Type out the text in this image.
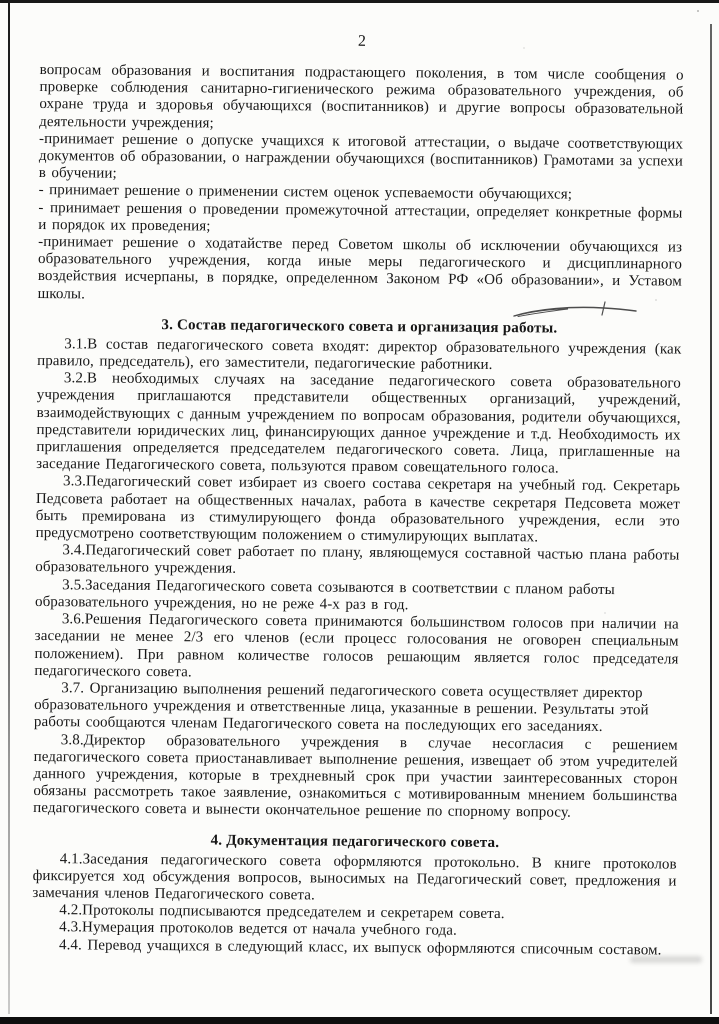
2

вопросам образования и воспитания подрастающего поколения, в том числе сообщения о проверке соблюдения санитарно-гигиенического режима образовательного учреждения, об охране труда и здоровья обучающихся (воспитанников) и другие вопросы образовательной деятельности учреждения;

-принимает решение о допуске учащихся к итоговой аттестации, о выдаче соответствующих документов об образовании, о награждении обучающихся (воспитанников) Грамотами за успехи в обучении;

- принимает решение о применении систем оценок успеваемости обучающихся;

- принимает решения о проведении промежуточной аттестации, определяет конкретные формы и порядок их проведения;

-принимает решение о ходатайстве перед Советом школы об исключении обучающихся из образовательного учреждения, когда иные меры педагогического и дисциплинарного воздействия исчерпаны, в порядке, определенном Законом РФ «Об образовании», и Уставом школы.

3. Состав педагогического совета и организация работы.

3.1.В состав педагогического совета входят: директор образовательного учреждения (как правило, председатель), его заместители, педагогические работники.

3.2.В необходимых случаях на заседание педагогического совета образовательного учреждения приглашаются представители общественных организаций, учреждений, взаимодействующих с данным учреждением по вопросам образования, родители обучающихся, представители юридических лиц, финансирующих данное учреждение и т.д. Необходимость их приглашения определяется председателем педагогического совета. Лица, приглашенные на заседание Педагогического совета, пользуются правом совещательного голоса.

3.3.Педагогический совет избирает из своего состава секретаря на учебный год. Секретарь Педсовета работает на общественных началах, работа в качестве секретаря Педсовета может быть премирована из стимулирующего фонда образовательного учреждения, если это предусмотрено соответствующим положением о стимулирующих выплатах.

3.4.Педагогический совет работает по плану, являющемуся составной частью плана работы образовательного учреждения.

3.5.Заседания Педагогического совета созываются в соответствии с планом работы образовательного учреждения, но не реже 4-х раз в год.

3.6.Решения Педагогического совета принимаются большинством голосов при наличии на заседании не менее 2/3 его членов (если процесс голосования не оговорен специальным положением). При равном количестве голосов решающим является голос председателя педагогического совета.

3.7. Организацию выполнения решений педагогического совета осуществляет директор образовательного учреждения и ответственные лица, указанные в решении. Результаты этой работы сообщаются членам Педагогического совета на последующих его заседаниях.

3.8.Директор образовательного учреждения в случае несогласия с решением педагогического совета приостанавливает выполнение решения, извещает об этом учредителей данного учреждения, которые в трехдневный срок при участии заинтересованных сторон обязаны рассмотреть такое заявление, ознакомиться с мотивированным мнением большинства педагогического совета и вынести окончательное решение по спорному вопросу.

4. Документация педагогического совета.

4.1.Заседания педагогического совета оформляются протокольно. В книге протоколов фиксируется ход обсуждения вопросов, выносимых на Педагогический совет, предложения и замечания членов Педагогического совета.

4.2.Протоколы подписываются председателем и секретарем совета.

4.3.Нумерация протоколов ведется от начала учебного года.

4.4. Перевод учащихся в следующий класс, их выпуск оформляются списочным составом.
